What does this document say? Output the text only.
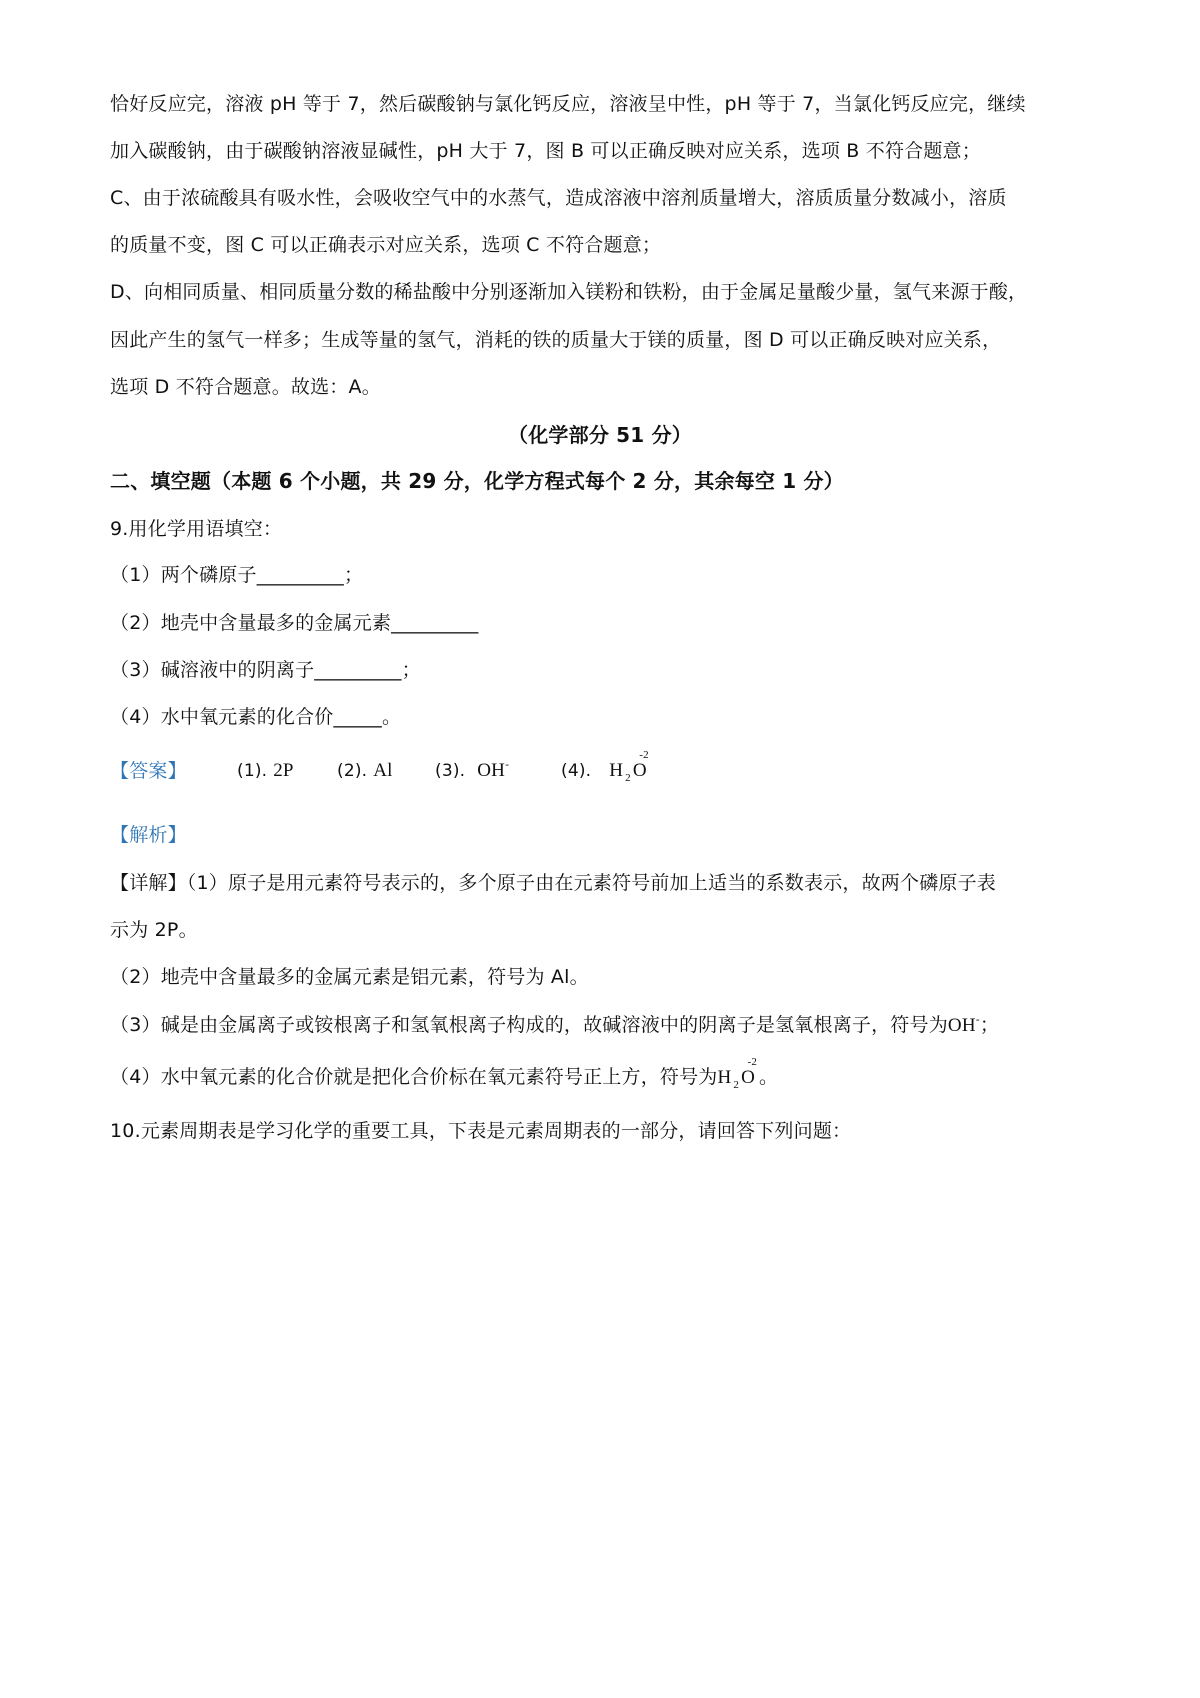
恰好反应完，溶液 pH 等于 7，然后碳酸钠与氯化钙反应，溶液呈中性，pH 等于 7，当氯化钙反应完，继续
加入碳酸钠，由于碳酸钠溶液显碱性，pH 大于 7，图 B 可以正确反映对应关系，选项 B 不符合题意；
C、由于浓硫酸具有吸水性，会吸收空气中的水蒸气，造成溶液中溶剂质量增大，溶质质量分数减小，溶质
的质量不变，图 C 可以正确表示对应关系，选项 C 不符合题意；
D、向相同质量、相同质量分数的稀盐酸中分别逐渐加入镁粉和铁粉，由于金属足量酸少量，氢气来源于酸，
因此产生的氢气一样多；生成等量的氢气，消耗的铁的质量大于镁的质量，图 D 可以正确反映对应关系，
选项 D 不符合题意。故选：A。
（化学部分 51 分）
二、填空题（本题 6 个小题，共 29 分，化学方程式每个 2 分，其余每空 1 分）
9.用化学用语填空：
（1）两个磷原子_________；
（2）地壳中含量最多的金属元素_________
（3）碱溶液中的阴离子_________；
（4）水中氧元素的化合价_____。
【答案】	(1). 2P	(2). Al (3). OH-	(4). H $_2$ O
-2
【解析】
【详解】（1）原子是用元素符号表示的，多个原子由在元素符号前加上适当的系数表示，故两个磷原子表
示为 2P。
（2）地壳中含量最多的金属元素是铝元素，符号为 Al。
（3）碱是由金属离子或铵根离子和氢氧根离子构成的，故碱溶液中的阴离子是氢氧根离子，符号为OH-；
（4）水中氧元素的化合价就是把化合价标在氧元素符号正上方，符号为H $_2$ O
-2
。
10.元素周期表是学习化学的重要工具，下表是元素周期表的一部分，请回答下列问题：
